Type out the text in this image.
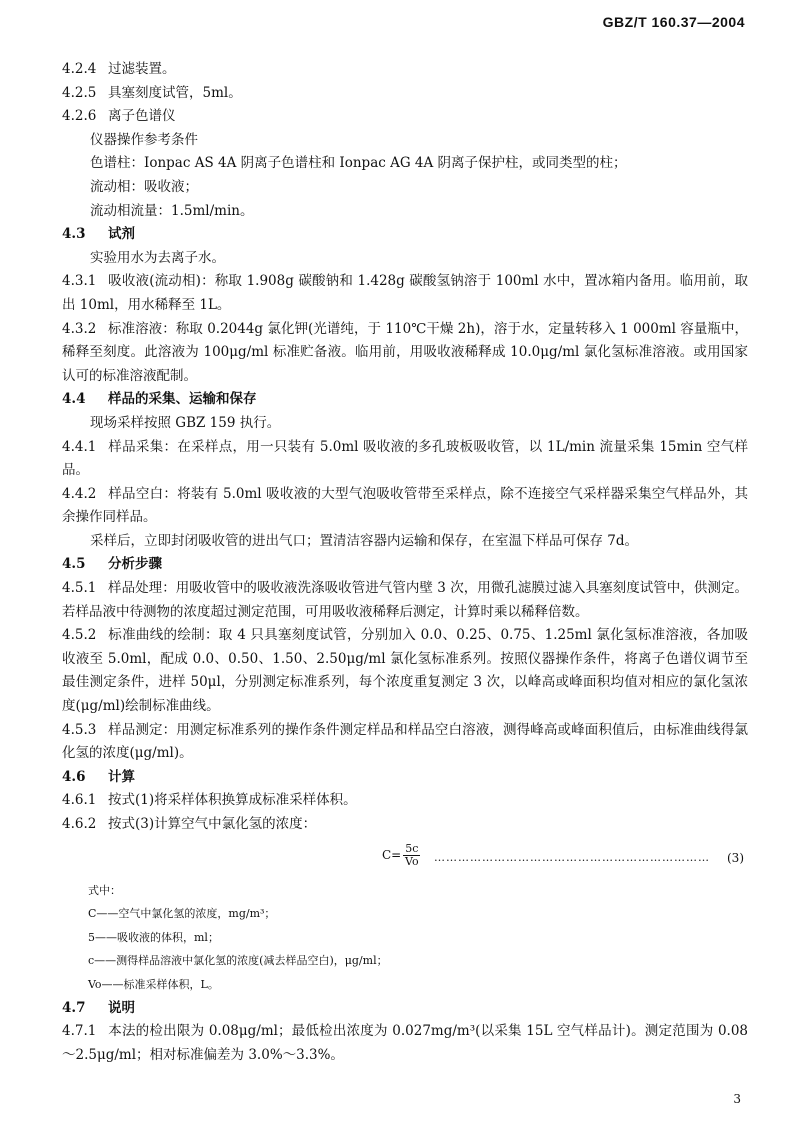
GBZ/T 160.37—2004
4.2.4 过滤装置。
4.2.5 具塞刻度试管，5ml。
4.2.6 离子色谱仪
仪器操作参考条件
色谱柱：Ionpac AS 4A 阴离子色谱柱和 Ionpac AG 4A 阴离子保护柱，或同类型的柱；
流动相：吸收液；
流动相流量：1.5ml/min。
4.3 试剂
实验用水为去离子水。
4.3.1 吸收液(流动相)：称取 1.908g 碳酸钠和 1.428g 碳酸氢钠溶于 100ml 水中，置冰箱内备用。临用前，取出 10ml，用水稀释至 1L。
4.3.2 标准溶液：称取 0.2044g 氯化钾(光谱纯，于 110℃干燥 2h)，溶于水，定量转移入 1 000ml 容量瓶中，稀释至刻度。此溶液为 100μg/ml 标准贮备液。临用前，用吸收液稀释成 10.0μg/ml 氯化氢标准溶液。或用国家认可的标准溶液配制。
4.4 样品的采集、运输和保存
现场采样按照 GBZ 159 执行。
4.4.1 样品采集：在采样点，用一只装有 5.0ml 吸收液的多孔玻板吸收管，以 1L/min 流量采集 15min 空气样品。
4.4.2 样品空白：将装有 5.0ml 吸收液的大型气泡吸收管带至采样点，除不连接空气采样器采集空气样品外，其余操作同样品。
采样后，立即封闭吸收管的进出气口；置清洁容器内运输和保存，在室温下样品可保存 7d。
4.5 分析步骤
4.5.1 样品处理：用吸收管中的吸收液洗涤吸收管进气管内壁 3 次，用微孔滤膜过滤入具塞刻度试管中，供测定。若样品液中待测物的浓度超过测定范围，可用吸收液稀释后测定，计算时乘以稀释倍数。
4.5.2 标准曲线的绘制：取 4 只具塞刻度试管，分别加入 0.0、0.25、0.75、1.25ml 氯化氢标准溶液，各加吸收液至 5.0ml，配成 0.0、0.50、1.50、2.50μg/ml 氯化氢标准系列。按照仪器操作条件，将离子色谱仪调节至最佳测定条件，进样 50μl，分别测定标准系列，每个浓度重复测定 3 次，以峰高或峰面积均值对相应的氯化氢浓度(μg/ml)绘制标准曲线。
4.5.3 样品测定：用测定标准系列的操作条件测定样品和样品空白溶液，测得峰高或峰面积值后，由标准曲线得氯化氢的浓度(μg/ml)。
4.6 计算
4.6.1 按式(1)将采样体积换算成标准采样体积。
4.6.2 按式(3)计算空气中氯化氢的浓度：
$C= \frac{5c}{Vo}$ ……………………………………………………………	(3)
式中：
C——空气中氯化氢的浓度，mg/m³；
5——吸收液的体积，ml；
c——测得样品溶液中氯化氢的浓度(减去样品空白)，μg/ml；
Vo——标准采样体积，L。
4.7 说明
4.7.1 本法的检出限为 0.08μg/ml；最低检出浓度为 0.027mg/m³(以采集 15L 空气样品计)。测定范围为 0.08～2.5μg/ml；相对标准偏差为 3.0%～3.3%。
3
